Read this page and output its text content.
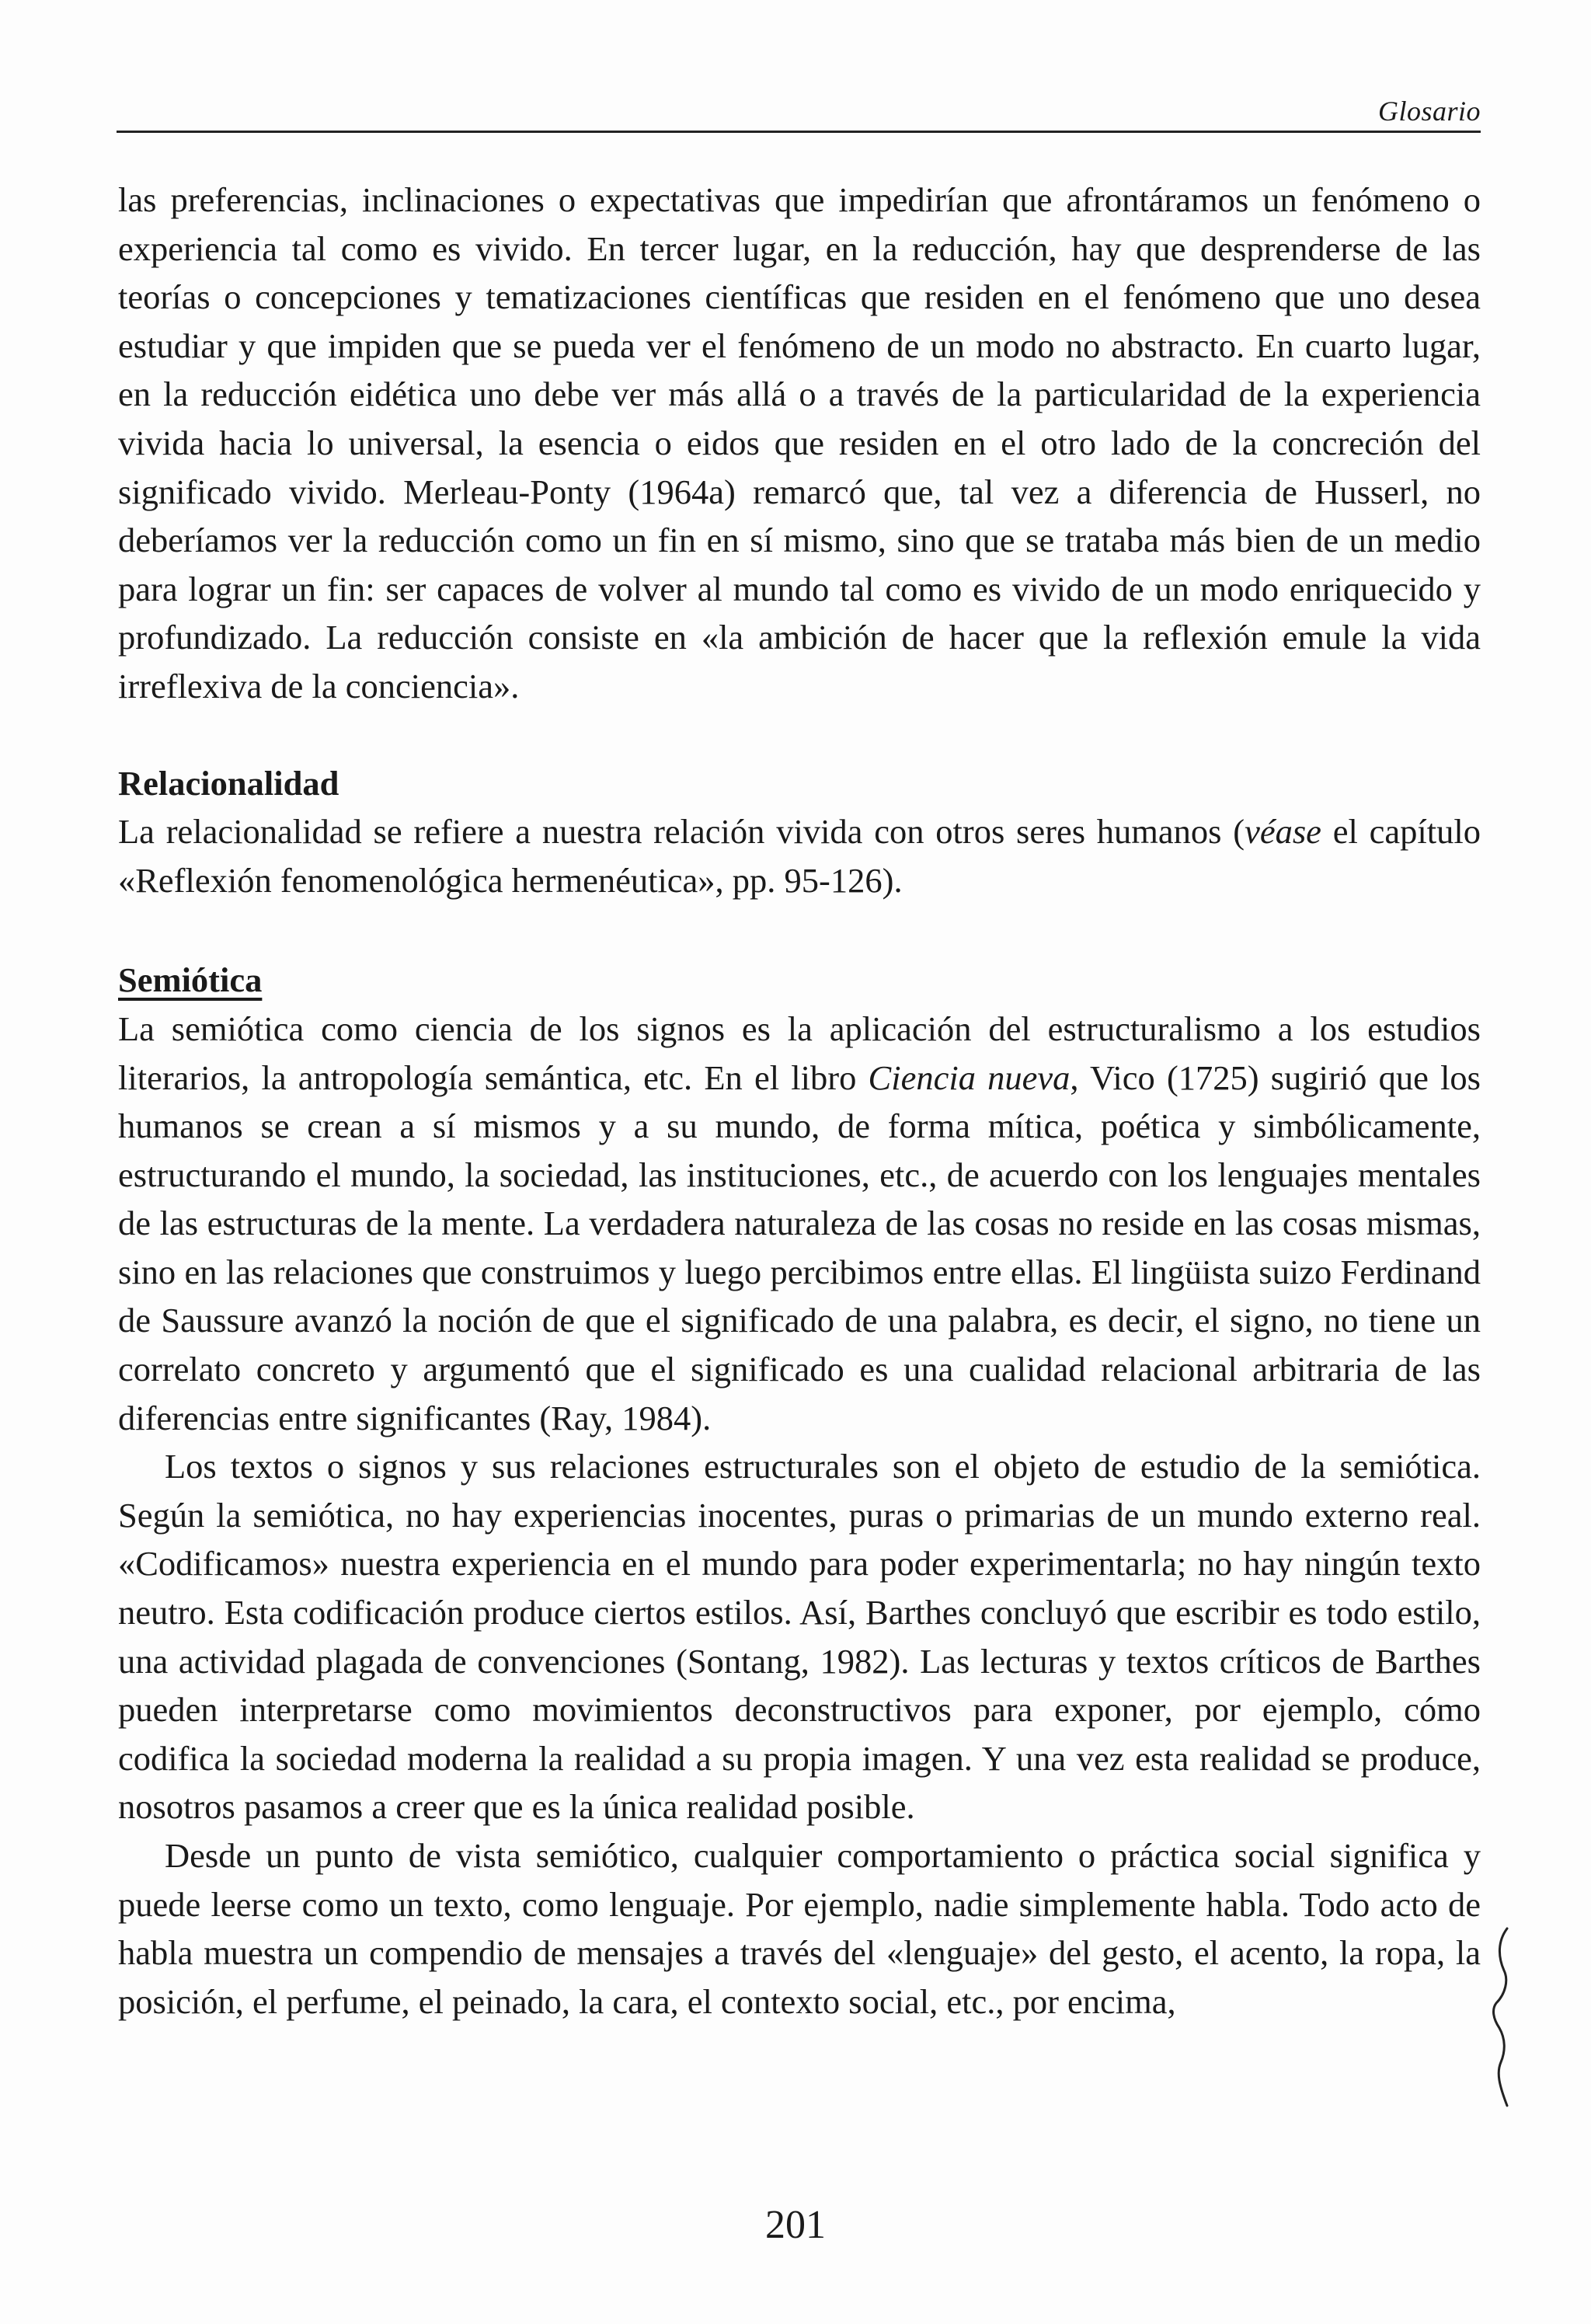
Glosario

las preferencias, inclinaciones o expectativas que impedirían que afrontáramos un fenómeno o experiencia tal como es vivido. En tercer lugar, en la reducción, hay que desprenderse de las teorías o concepciones y tematizaciones científicas que residen en el fenómeno que uno desea estudiar y que impiden que se pueda ver el fenómeno de un modo no abstracto. En cuarto lugar, en la reducción eidética uno debe ver más allá o a través de la particularidad de la experiencia vivida hacia lo universal, la esencia o eidos que residen en el otro lado de la concreción del significado vivido. Merleau-Ponty (1964a) remarcó que, tal vez a diferencia de Husserl, no deberíamos ver la reducción como un fin en sí mismo, sino que se trataba más bien de un medio para lograr un fin: ser capaces de volver al mundo tal como es vivido de un modo enriquecido y profundizado. La reducción consiste en «la ambición de hacer que la reflexión emule la vida irreflexiva de la conciencia».

Relacionalidad

La relacionalidad se refiere a nuestra relación vivida con otros seres humanos (véase el capítulo «Reflexión fenomenológica hermenéutica», pp. 95-126).

Semiótica

La semiótica como ciencia de los signos es la aplicación del estructuralismo a los estudios literarios, la antropología semántica, etc. En el libro Ciencia nueva, Vico (1725) sugirió que los humanos se crean a sí mismos y a su mundo, de forma mítica, poética y simbólicamente, estructurando el mundo, la sociedad, las instituciones, etc., de acuerdo con los lenguajes mentales de las estructuras de la mente. La verdadera naturaleza de las cosas no reside en las cosas mismas, sino en las relaciones que construimos y luego percibimos entre ellas. El lingüista suizo Ferdinand de Saussure avanzó la noción de que el significado de una palabra, es decir, el signo, no tiene un correlato concreto y argumentó que el significado es una cualidad relacional arbitraria de las diferencias entre significantes (Ray, 1984).

Los textos o signos y sus relaciones estructurales son el objeto de estudio de la semiótica. Según la semiótica, no hay experiencias inocentes, puras o primarias de un mundo externo real. «Codificamos» nuestra experiencia en el mundo para poder experimentarla; no hay ningún texto neutro. Esta codificación produce ciertos estilos. Así, Barthes concluyó que escribir es todo estilo, una actividad plagada de convenciones (Sontang, 1982). Las lecturas y textos críticos de Barthes pueden interpretarse como movimientos deconstructivos para exponer, por ejemplo, cómo codifica la sociedad moderna la realidad a su propia imagen. Y una vez esta realidad se produce, nosotros pasamos a creer que es la única realidad posible.

Desde un punto de vista semiótico, cualquier comportamiento o práctica social significa y puede leerse como un texto, como lenguaje. Por ejemplo, nadie simplemente habla. Todo acto de habla muestra un compendio de mensajes a través del «lenguaje» del gesto, el acento, la ropa, la posición, el perfume, el peinado, la cara, el contexto social, etc., por encima,

201
